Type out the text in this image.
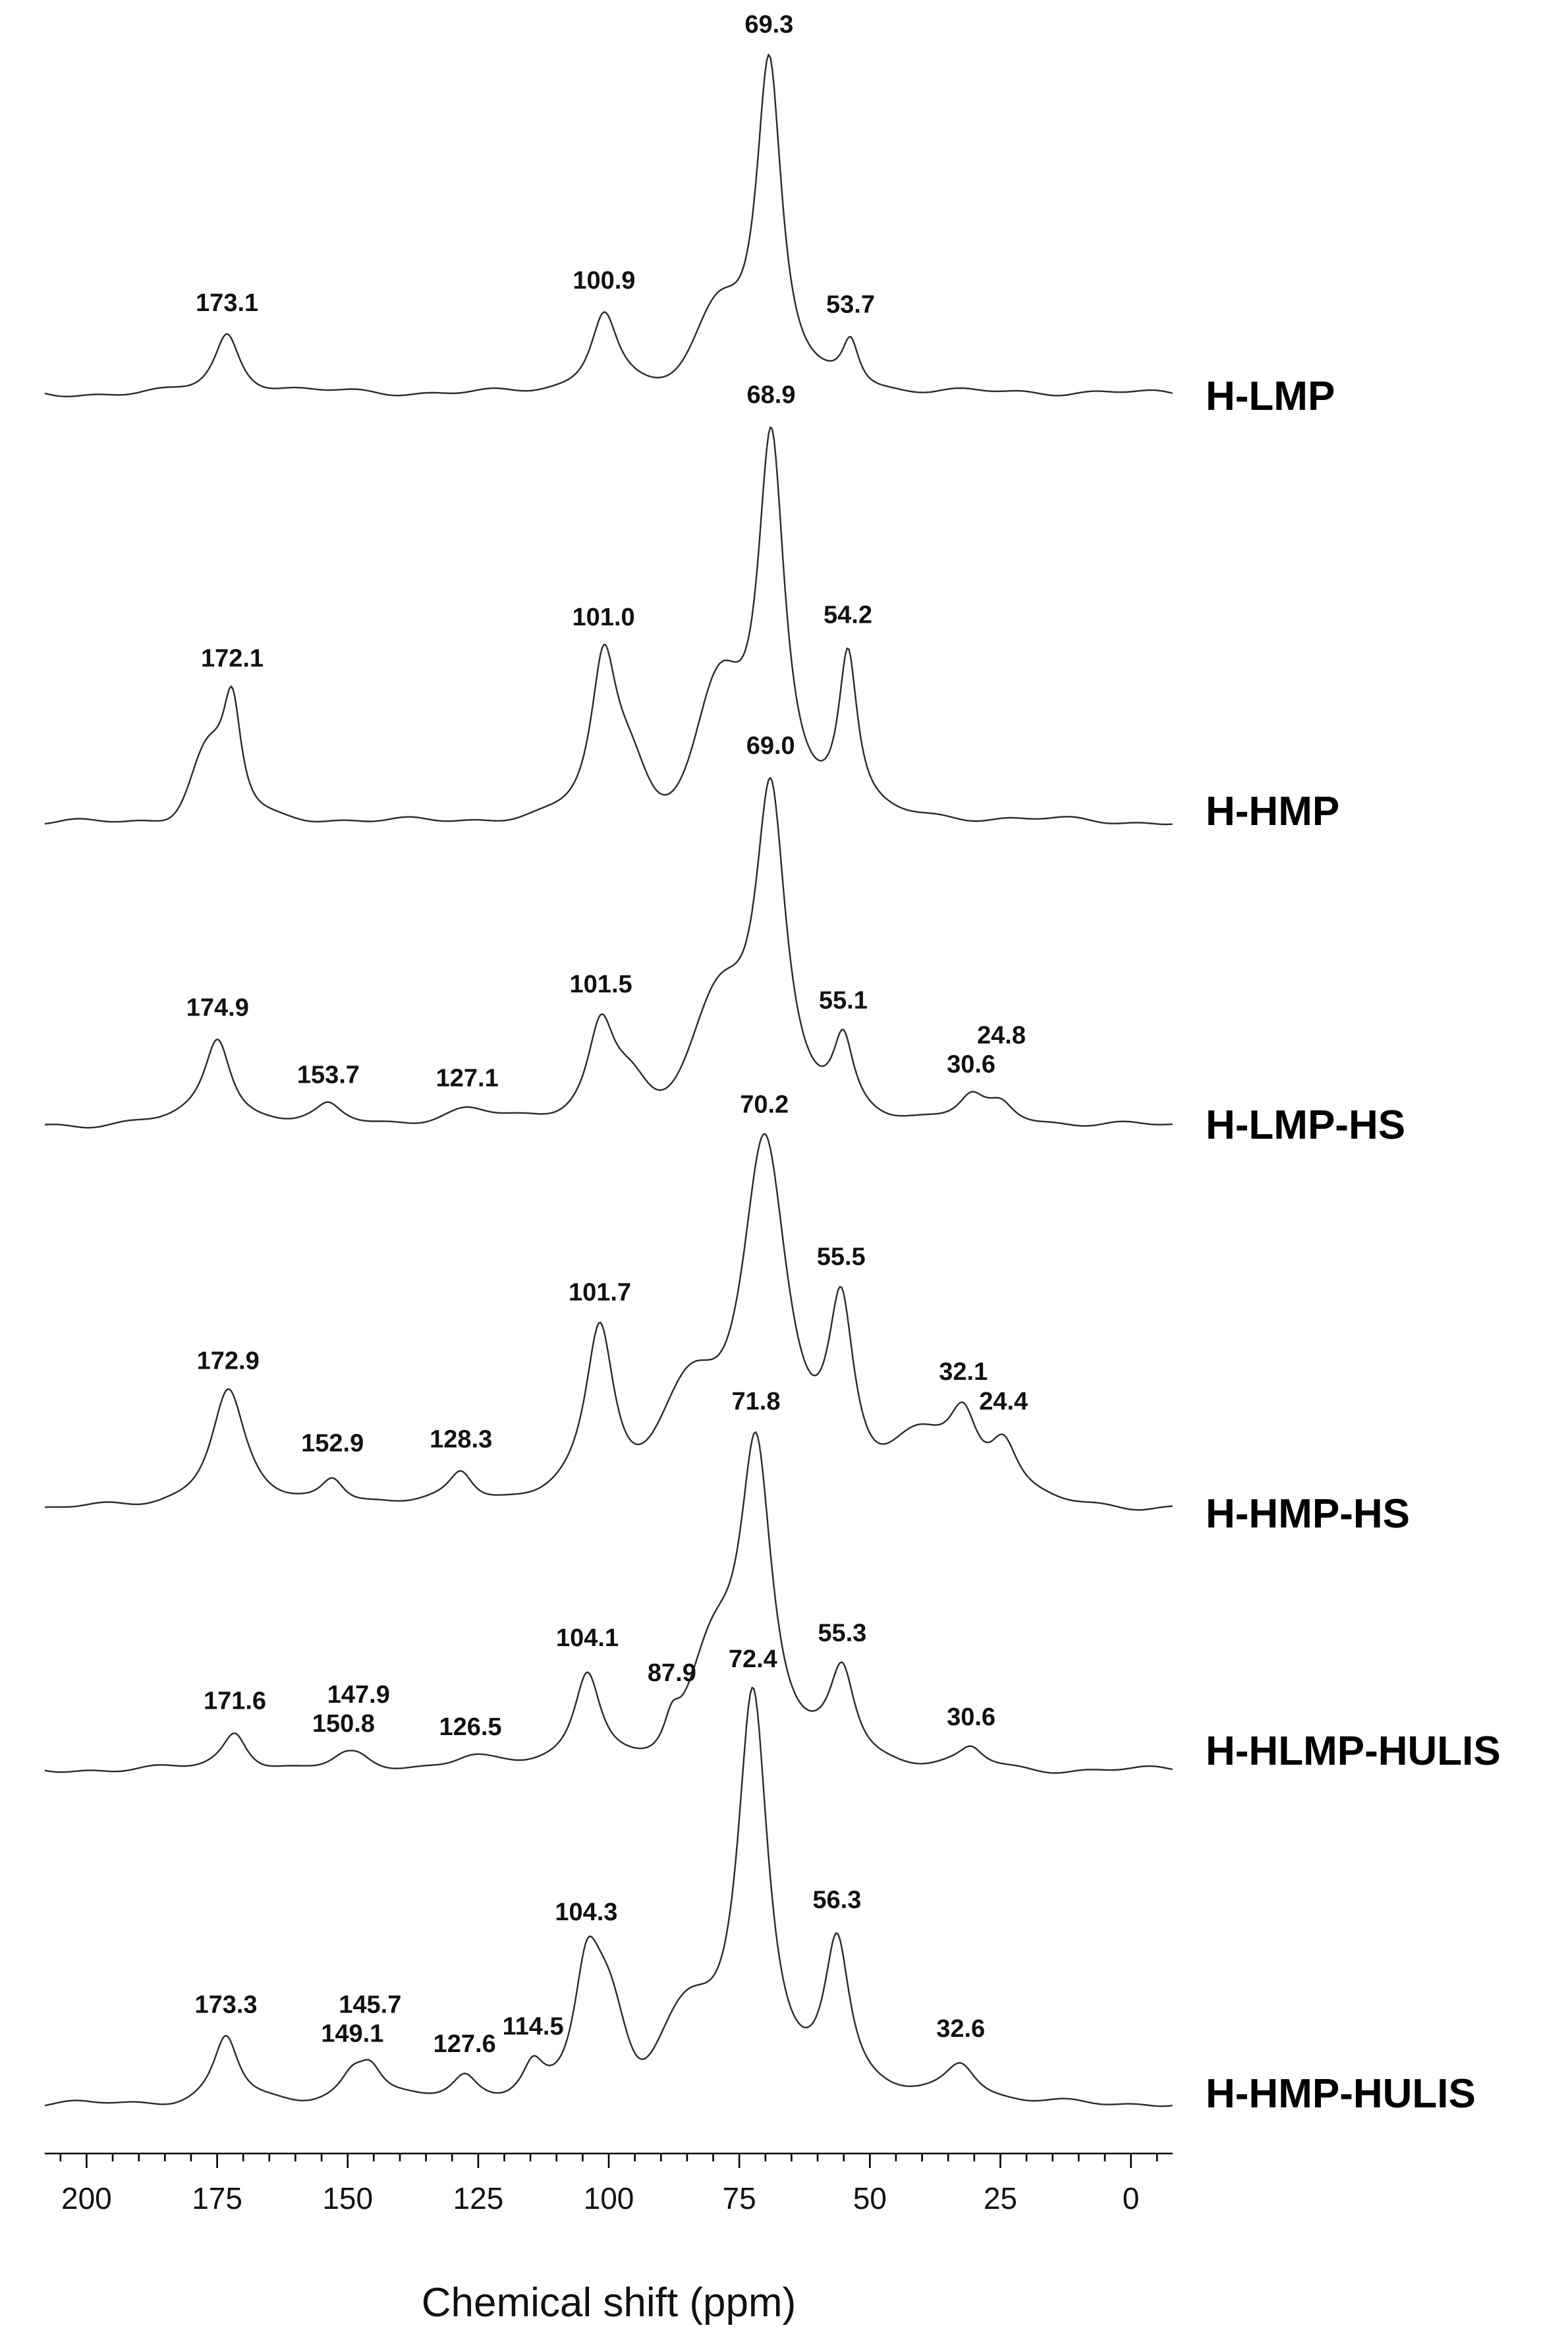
173.1
100.9
69.3
53.7
172.1
101.0
68.9
54.2
174.9
153.7	127.1
101.5
69.0
55.1
30.6
24.8
172.9
152.9	128.3
101.7
70.2
55.5
32.1
24.4
171.6
150.8
147.9
126.5
104.1
87.9
71.8
55.3
30.6
173.3
149.1
145.7
127.6
114.5
104.3
72.4
56.3
32.6
H-LMP
H-HMP
H-LMP-HS
H-HMP-HS
H-HLMP-HULIS
H-HMP-HULIS
200	175	150	125	100	75	50	25	0
Chemical shift (ppm)
